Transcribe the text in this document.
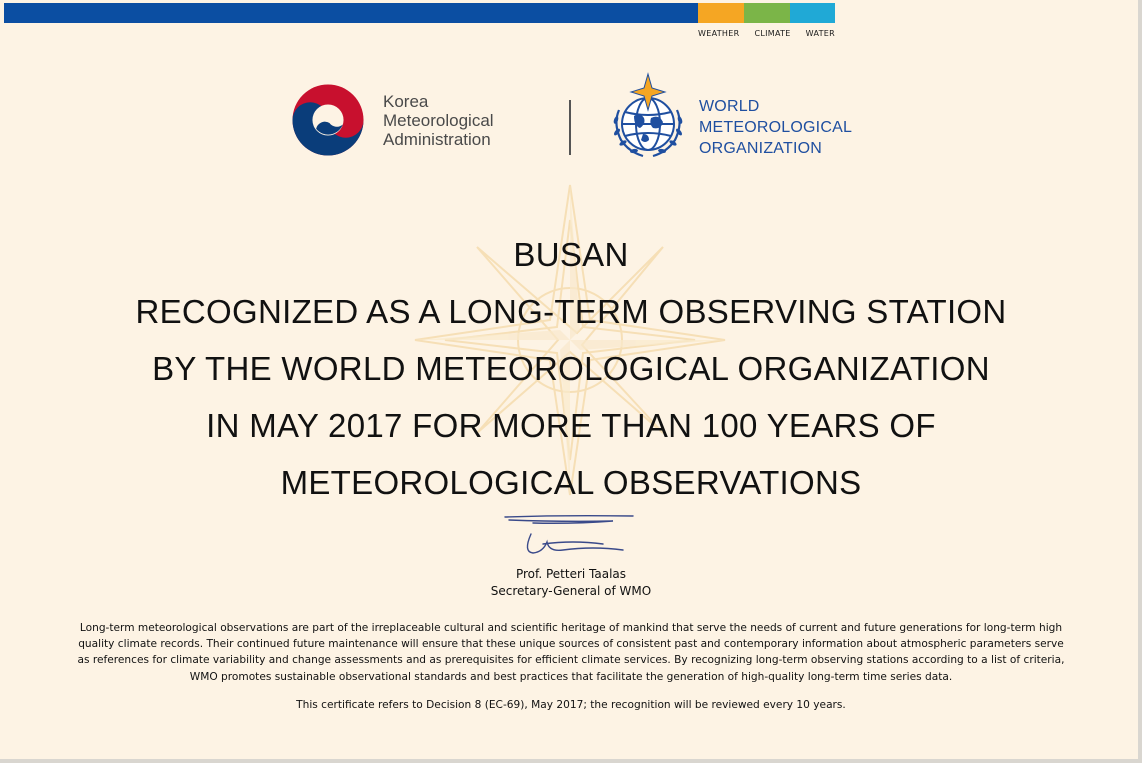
WEATHER CLIMATE WATER
Korea
Meteorological
Administration
WORLD
METEOROLOGICAL
ORGANIZATION
BUSAN
RECOGNIZED AS A LONG-TERM OBSERVING STATION
BY THE WORLD METEOROLOGICAL ORGANIZATION
IN MAY 2017 FOR MORE THAN 100 YEARS OF
METEOROLOGICAL OBSERVATIONS
Prof. Petteri Taalas
Secretary-General of WMO
Long-term meteorological observations are part of the irreplaceable cultural and scientific heritage of mankind that serve the needs of current and future generations for long-term high
quality climate records. Their continued future maintenance will ensure that these unique sources of consistent past and contemporary information about atmospheric parameters serve
as references for climate variability and change assessments and as prerequisites for efficient climate services. By recognizing long-term observing stations according to a list of criteria,
WMO promotes sustainable observational standards and best practices that facilitate the generation of high-quality long-term time series data.
This certificate refers to Decision 8 (EC-69), May 2017; the recognition will be reviewed every 10 years.
